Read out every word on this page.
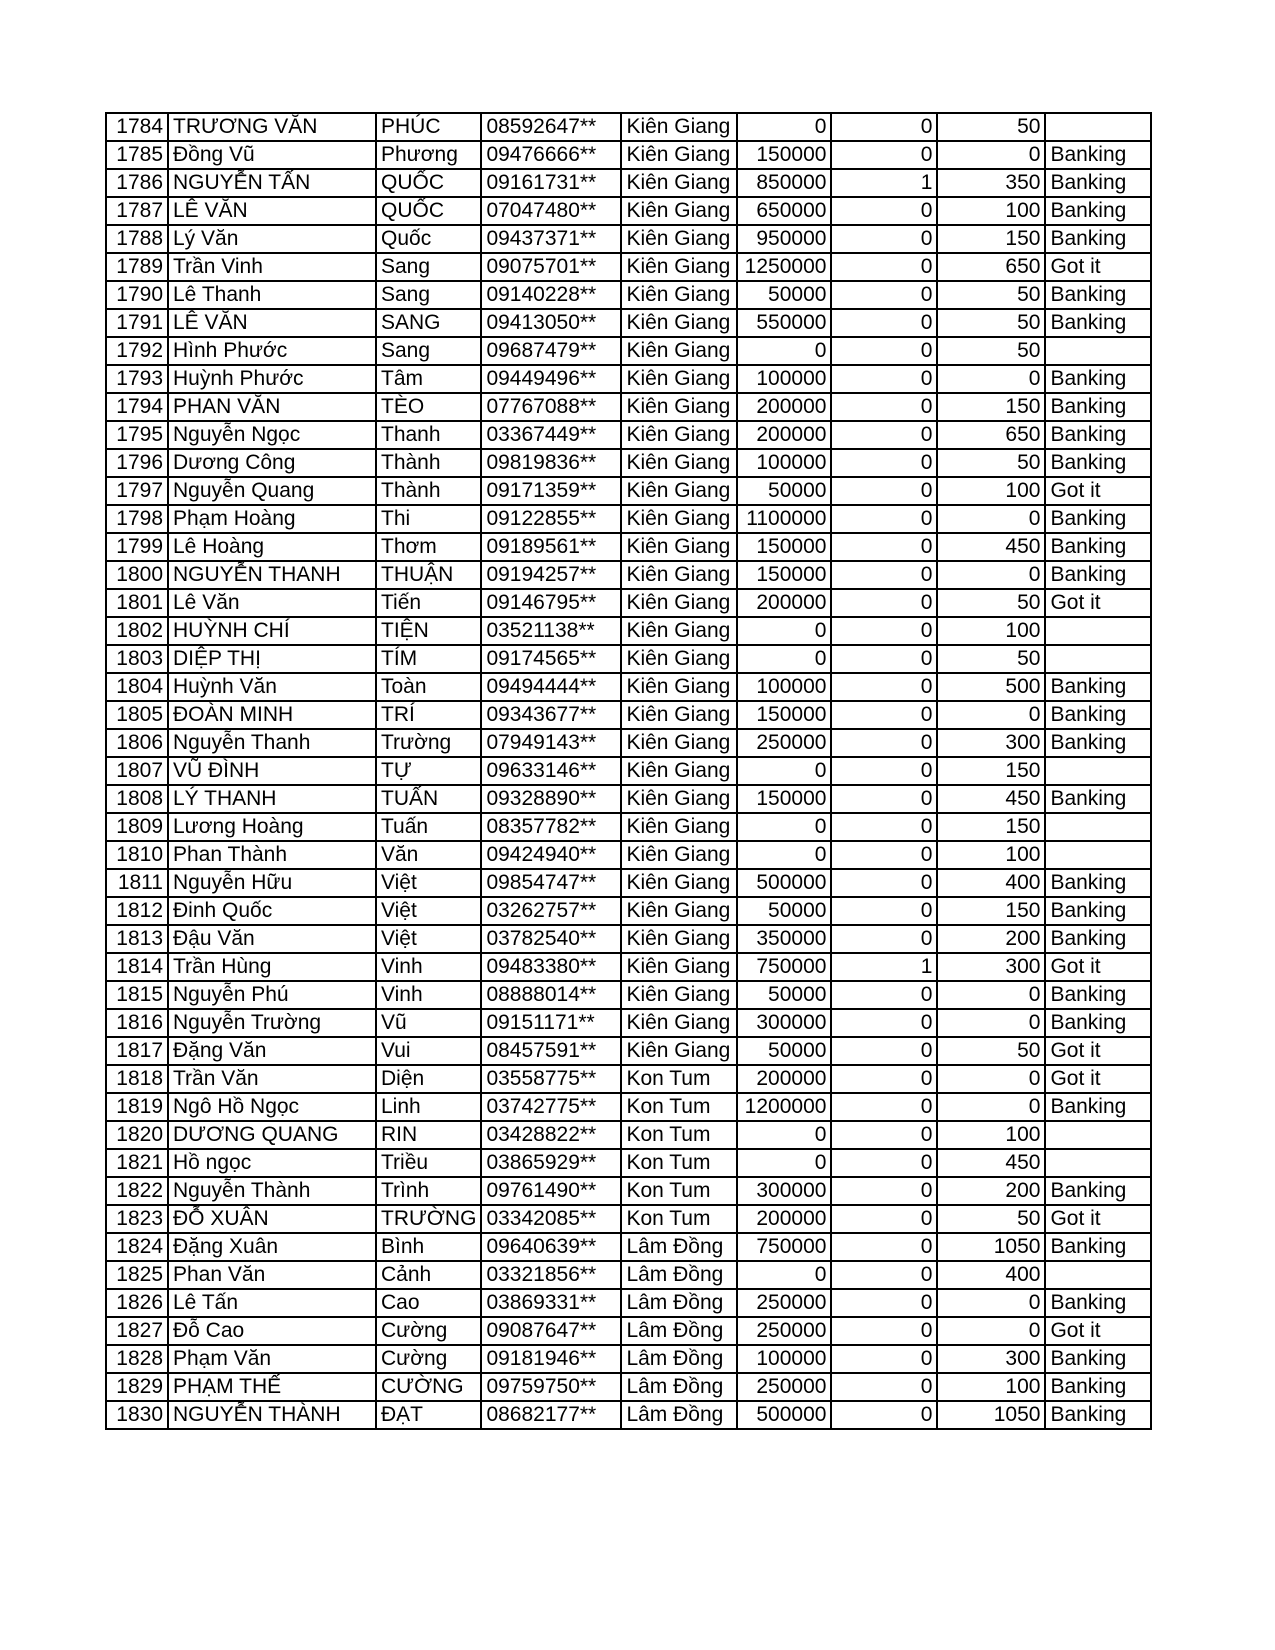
1784	TRƯƠNG VĂN	PHÚC	08592647**	Kiên Giang	0	0	50	
1785	Đồng Vũ	Phương	09476666**	Kiên Giang	150000	0	0	Banking
1786	NGUYỄN TẤN	QUỐC	09161731**	Kiên Giang	850000	1	350	Banking
1787	LÊ VĂN	QUỐC	07047480**	Kiên Giang	650000	0	100	Banking
1788	Lý Văn	Quốc	09437371**	Kiên Giang	950000	0	150	Banking
1789	Trần Vinh	Sang	09075701**	Kiên Giang	1250000	0	650	Got it
1790	Lê Thanh	Sang	09140228**	Kiên Giang	50000	0	50	Banking
1791	LÊ VĂN	SANG	09413050**	Kiên Giang	550000	0	50	Banking
1792	Hình Phước	Sang	09687479**	Kiên Giang	0	0	50	
1793	Huỳnh Phước	Tâm	09449496**	Kiên Giang	100000	0	0	Banking
1794	PHAN VĂN	TÈO	07767088**	Kiên Giang	200000	0	150	Banking
1795	Nguyễn Ngọc	Thanh	03367449**	Kiên Giang	200000	0	650	Banking
1796	Dương Công	Thành	09819836**	Kiên Giang	100000	0	50	Banking
1797	Nguyễn Quang	Thành	09171359**	Kiên Giang	50000	0	100	Got it
1798	Phạm Hoàng	Thi	09122855**	Kiên Giang	1100000	0	0	Banking
1799	Lê Hoàng	Thơm	09189561**	Kiên Giang	150000	0	450	Banking
1800	NGUYỄN THANH	THUẬN	09194257**	Kiên Giang	150000	0	0	Banking
1801	Lê Văn	Tiến	09146795**	Kiên Giang	200000	0	50	Got it
1802	HUỲNH CHÍ	TIỆN	03521138**	Kiên Giang	0	0	100	
1803	DIỆP THỊ	TÍM	09174565**	Kiên Giang	0	0	50	
1804	Huỳnh Văn	Toàn	09494444**	Kiên Giang	100000	0	500	Banking
1805	ĐOÀN MINH	TRÍ	09343677**	Kiên Giang	150000	0	0	Banking
1806	Nguyễn Thanh	Trường	07949143**	Kiên Giang	250000	0	300	Banking
1807	VŨ ĐÌNH	TỰ	09633146**	Kiên Giang	0	0	150	
1808	LÝ THANH	TUẤN	09328890**	Kiên Giang	150000	0	450	Banking
1809	Lương Hoàng	Tuấn	08357782**	Kiên Giang	0	0	150	
1810	Phan Thành	Văn	09424940**	Kiên Giang	0	0	100	
1811	Nguyễn Hữu	Việt	09854747**	Kiên Giang	500000	0	400	Banking
1812	Đinh Quốc	Việt	03262757**	Kiên Giang	50000	0	150	Banking
1813	Đậu Văn	Việt	03782540**	Kiên Giang	350000	0	200	Banking
1814	Trần Hùng	Vinh	09483380**	Kiên Giang	750000	1	300	Got it
1815	Nguyễn Phú	Vinh	08888014**	Kiên Giang	50000	0	0	Banking
1816	Nguyễn Trường	Vũ	09151171**	Kiên Giang	300000	0	0	Banking
1817	Đặng Văn	Vui	08457591**	Kiên Giang	50000	0	50	Got it
1818	Trần Văn	Diện	03558775**	Kon Tum	200000	0	0	Got it
1819	Ngô Hồ Ngọc	Linh	03742775**	Kon Tum	1200000	0	0	Banking
1820	DƯƠNG QUANG	RIN	03428822**	Kon Tum	0	0	100	
1821	Hồ ngọc	Triều	03865929**	Kon Tum	0	0	450	
1822	Nguyễn Thành	Trình	09761490**	Kon Tum	300000	0	200	Banking
1823	ĐỖ XUÂN	TRƯỜNG	03342085**	Kon Tum	200000	0	50	Got it
1824	Đặng Xuân	Bình	09640639**	Lâm Đồng	750000	0	1050	Banking
1825	Phan Văn	Cảnh	03321856**	Lâm Đồng	0	0	400	
1826	Lê Tấn	Cao	03869331**	Lâm Đồng	250000	0	0	Banking
1827	Đỗ Cao	Cường	09087647**	Lâm Đồng	250000	0	0	Got it
1828	Phạm Văn	Cường	09181946**	Lâm Đồng	100000	0	300	Banking
1829	PHẠM THẾ	CƯỜNG	09759750**	Lâm Đồng	250000	0	100	Banking
1830	NGUYỄN THÀNH	ĐẠT	08682177**	Lâm Đồng	500000	0	1050	Banking
